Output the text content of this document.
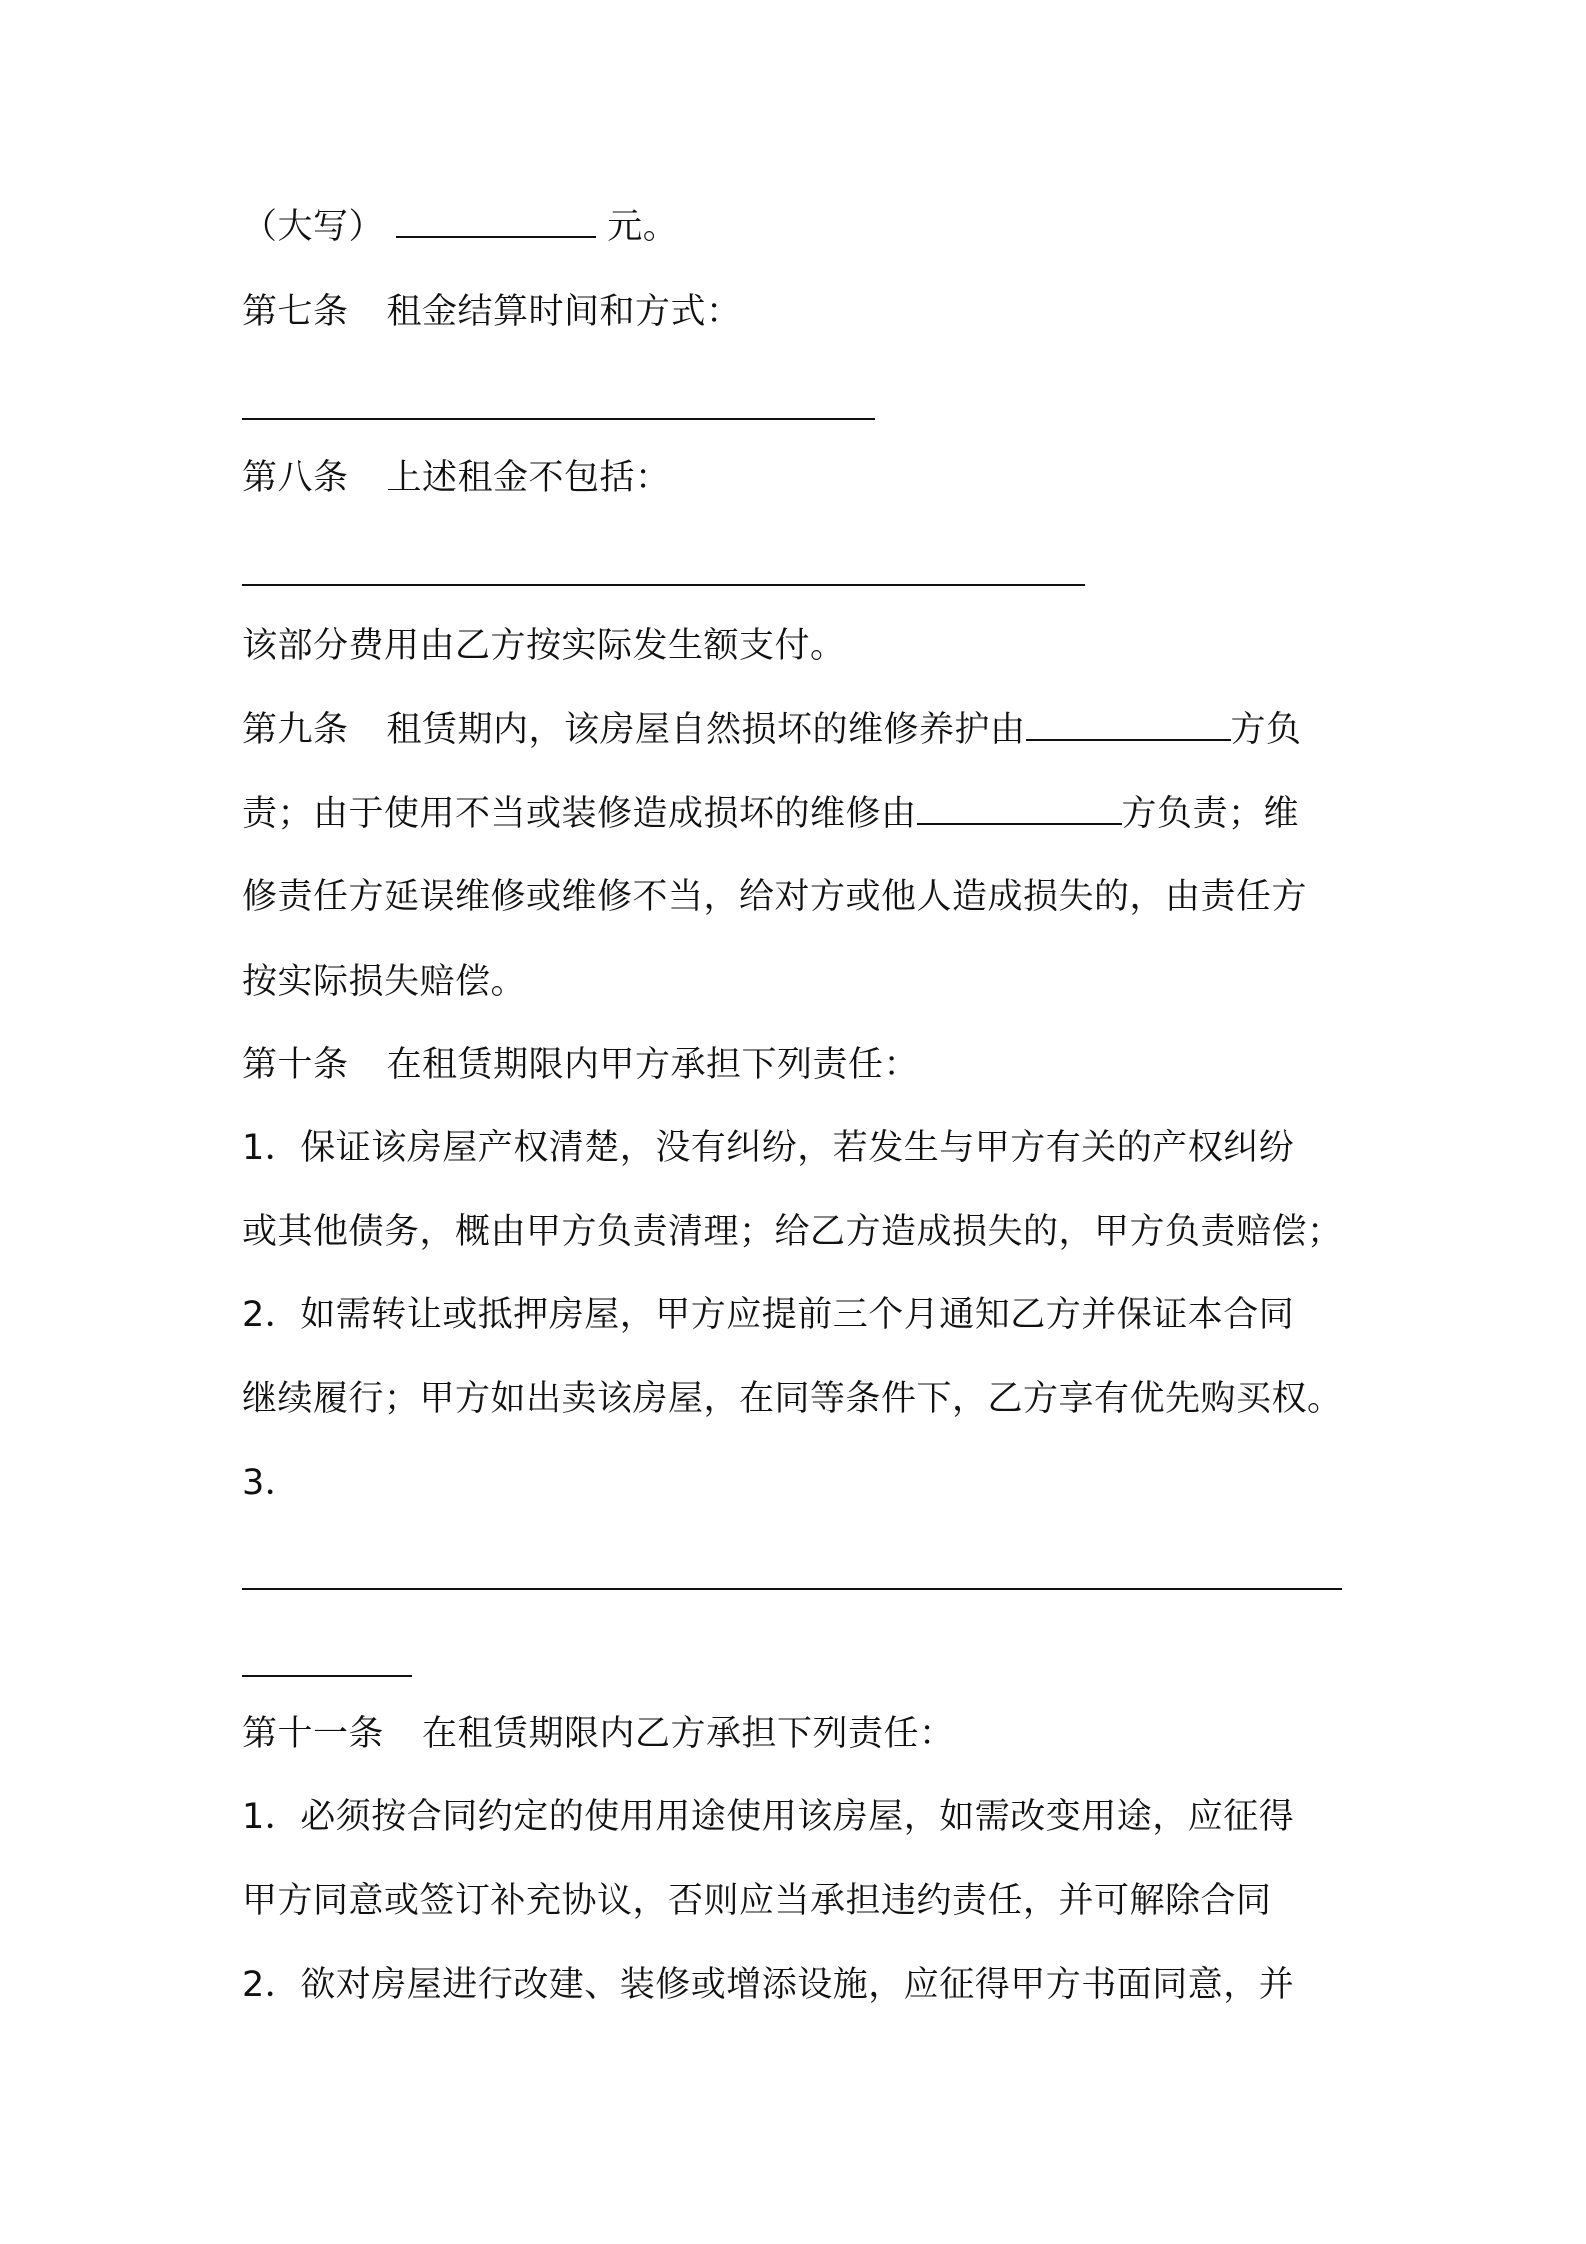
（大写）	元。
第七条 租金结算时间和方式：
第八条 上述租金不包括：
该部分费用由乙方按实际发生额支付。
第九条 租赁期内，该房屋自然损坏的维修养护由	方负
责；由于使用不当或装修造成损坏的维修由	方负责；维
修责任方延误维修或维修不当，给对方或他人造成损失的，由责任方
按实际损失赔偿。
第十条 在租赁期限内甲方承担下列责任：
1．保证该房屋产权清楚，没有纠纷，若发生与甲方有关的产权纠纷
或其他债务，概由甲方负责清理；给乙方造成损失的，甲方负责赔偿；
2．如需转让或抵押房屋，甲方应提前三个月通知乙方并保证本合同
继续履行；甲方如出卖该房屋，在同等条件下，乙方享有优先购买权。
3．
第十一条 在租赁期限内乙方承担下列责任：
1．必须按合同约定的使用用途使用该房屋，如需改变用途，应征得
甲方同意或签订补充协议，否则应当承担违约责任，并可解除合同
2．欲对房屋进行改建、装修或增添设施，应征得甲方书面同意，并
